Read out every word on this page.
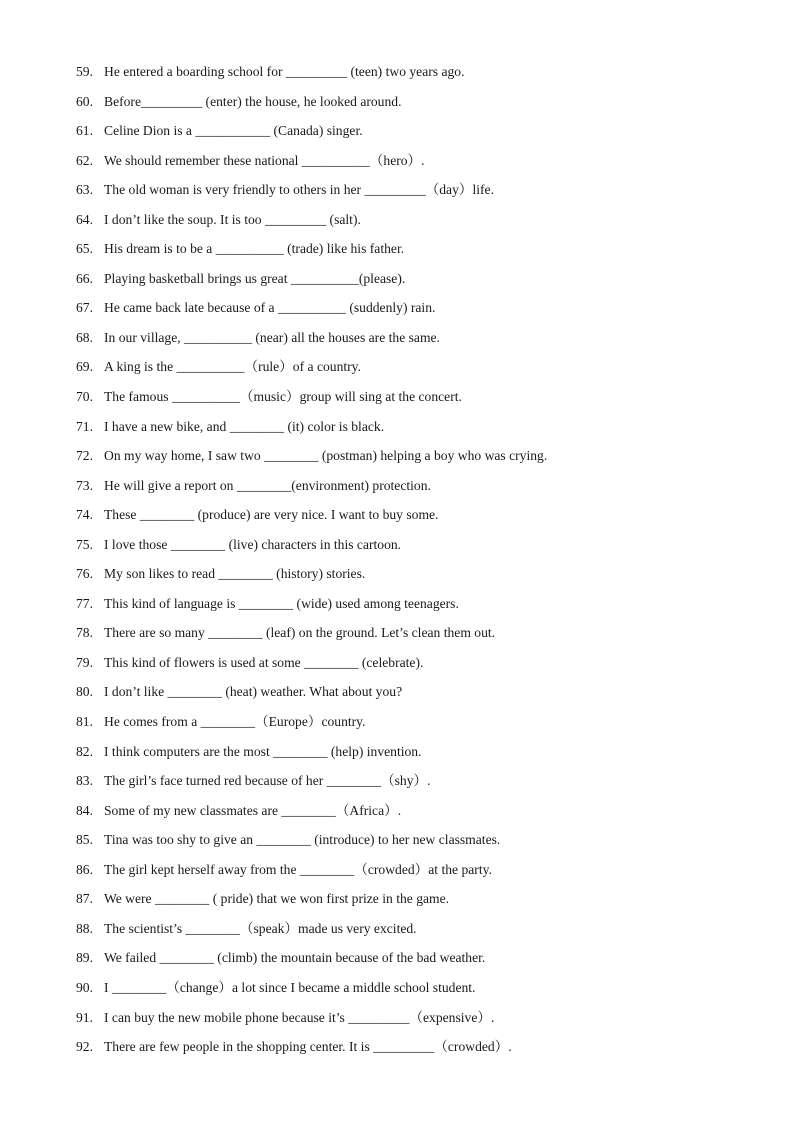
59. He entered a boarding school for _________ (teen) two years ago.
60. Before_________ (enter) the house, he looked around.
61. Celine Dion is a ___________ (Canada) singer.
62. We should remember these national __________（hero）.
63. The old woman is very friendly to others in her _________（day）life.
64. I don’t like the soup. It is too _________ (salt).
65. His dream is to be a __________ (trade) like his father.
66. Playing basketball brings us great __________(please).
67. He came back late because of a __________ (suddenly) rain.
68. In our village, __________ (near) all the houses are the same.
69. A king is the __________（rule）of a country.
70. The famous __________（music）group will sing at the concert.
71. I have a new bike, and ________ (it) color is black.
72. On my way home, I saw two ________ (postman) helping a boy who was crying.
73. He will give a report on ________(environment) protection.
74. These ________ (produce) are very nice. I want to buy some.
75. I love those ________ (live) characters in this cartoon.
76. My son likes to read ________ (history) stories.
77. This kind of language is ________ (wide) used among teenagers.
78. There are so many ________ (leaf) on the ground. Let’s clean them out.
79. This kind of flowers is used at some ________ (celebrate).
80. I don’t like ________ (heat) weather. What about you?
81. He comes from a ________（Europe）country.
82. I think computers are the most ________ (help) invention.
83. The girl’s face turned red because of her ________（shy）.
84. Some of my new classmates are ________（Africa）.
85. Tina was too shy to give an ________ (introduce) to her new classmates.
86. The girl kept herself away from the ________（crowded）at the party.
87. We were ________ ( pride) that we won first prize in the game.
88. The scientist’s ________（speak）made us very excited.
89. We failed ________ (climb) the mountain because of the bad weather.
90. I ________（change）a lot since I became a middle school student.
91. I can buy the new mobile phone because it’s _________（expensive）.
92. There are few people in the shopping center. It is _________（crowded）.
